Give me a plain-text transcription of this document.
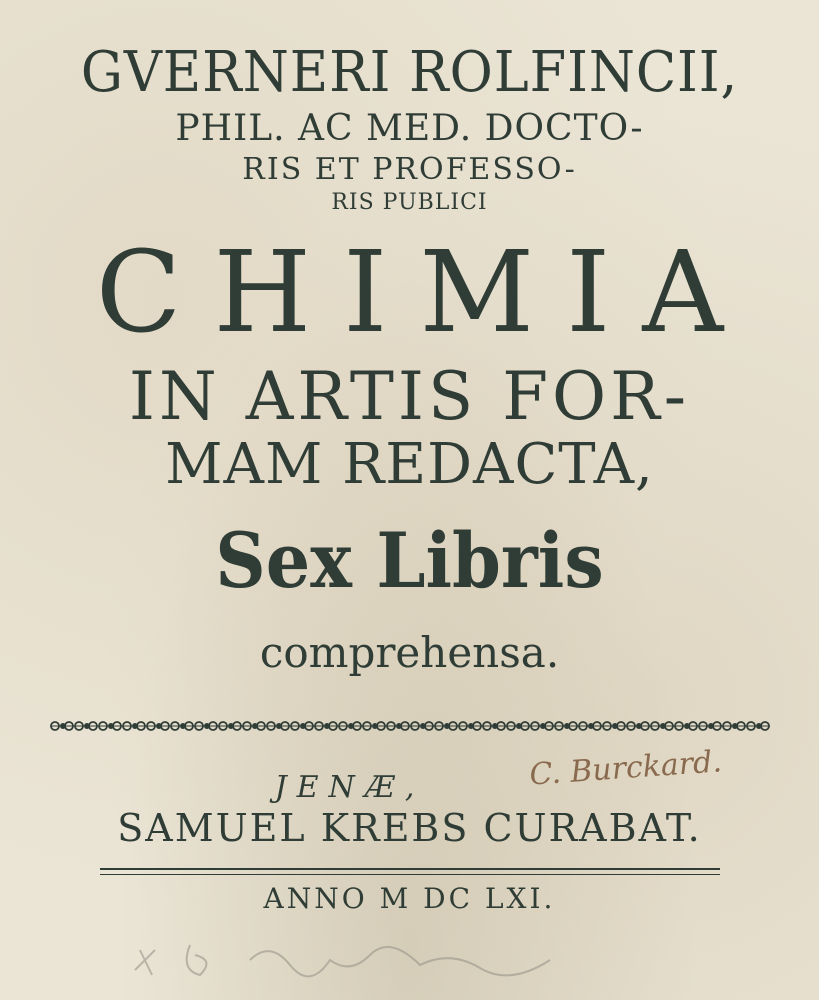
GVERNERI ROLFINCII,
PHIL. AC MED. DOCTO-
RIS ET PROFESSO-
RIS PUBLICI
CHIMIA
IN ARTIS FOR-
MAM REDACTA,
Sex Libris
comprehensa.
JENÆ,	C. Burckard.
SAMUEL KREBS CURABAT.
ANNO M DC LXI.
